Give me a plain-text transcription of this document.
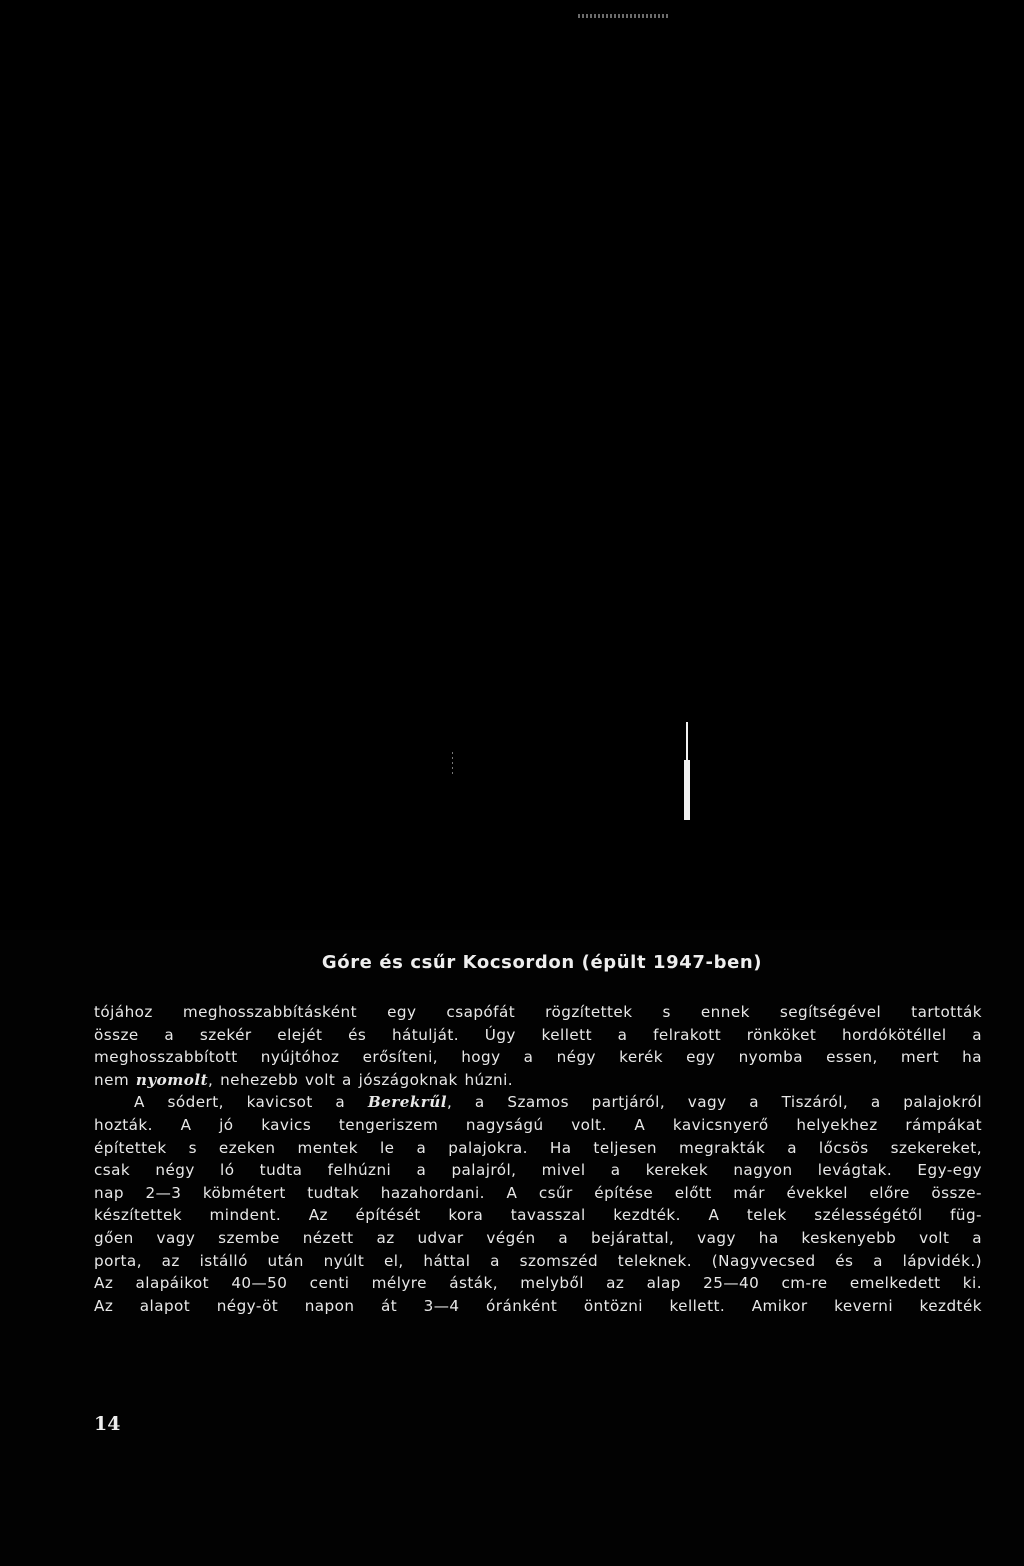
Góre és csűr Kocsordon (épült 1947-ben)
tójához meghosszabbításként egy csapófát rögzítettek s ennek segítségével tartották
össze a szekér elejét és hátulját. Úgy kellett a felrakott rönköket hordókötéllel a
meghosszabbított nyújtóhoz erősíteni, hogy a négy kerék egy nyomba essen, mert ha
nem nyomolt, nehezebb volt a jószágoknak húzni.
A sódert, kavicsot a Berekrűl, a Szamos partjáról, vagy a Tiszáról, a palajokról
hozták. A jó kavics tengeriszem nagyságú volt. A kavicsnyerő helyekhez rámpákat
építettek s ezeken mentek le a palajokra. Ha teljesen megrakták a lőcsös szekereket,
csak négy ló tudta felhúzni a palajról, mivel a kerekek nagyon levágtak. Egy-egy
nap 2—3 köbmétert tudtak hazahordani. A csűr építése előtt már évekkel előre össze-
készítettek mindent. Az építését kora tavasszal kezdték. A telek szélességétől füg-
gően vagy szembe nézett az udvar végén a bejárattal, vagy ha keskenyebb volt a
porta, az istálló után nyúlt el, háttal a szomszéd teleknek. (Nagyvecsed és a lápvidék.)
Az alapáikot 40—50 centi mélyre ásták, melyből az alap 25—40 cm-re emelkedett ki.
Az alapot négy-öt napon át 3—4 óránként öntözni kellett. Amikor keverni kezdték
14
